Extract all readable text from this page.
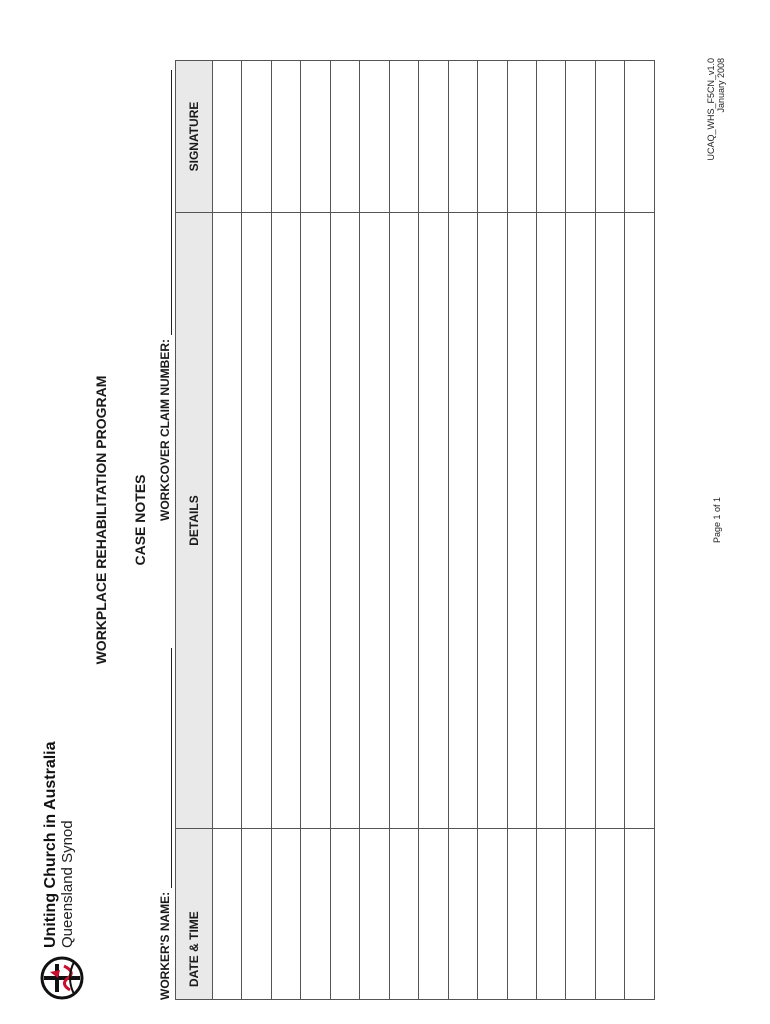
Uniting Church in Australia Queensland Synod
WORKPLACE REHABILITATION PROGRAM CASE NOTES
WORKER'S NAME:
WORKCOVER CLAIM NUMBER:
DATE & TIME	DETAILS	SIGNATURE

Page 1 of 1
UCAQ_WHS_F5CN_v1.0 January 2008
